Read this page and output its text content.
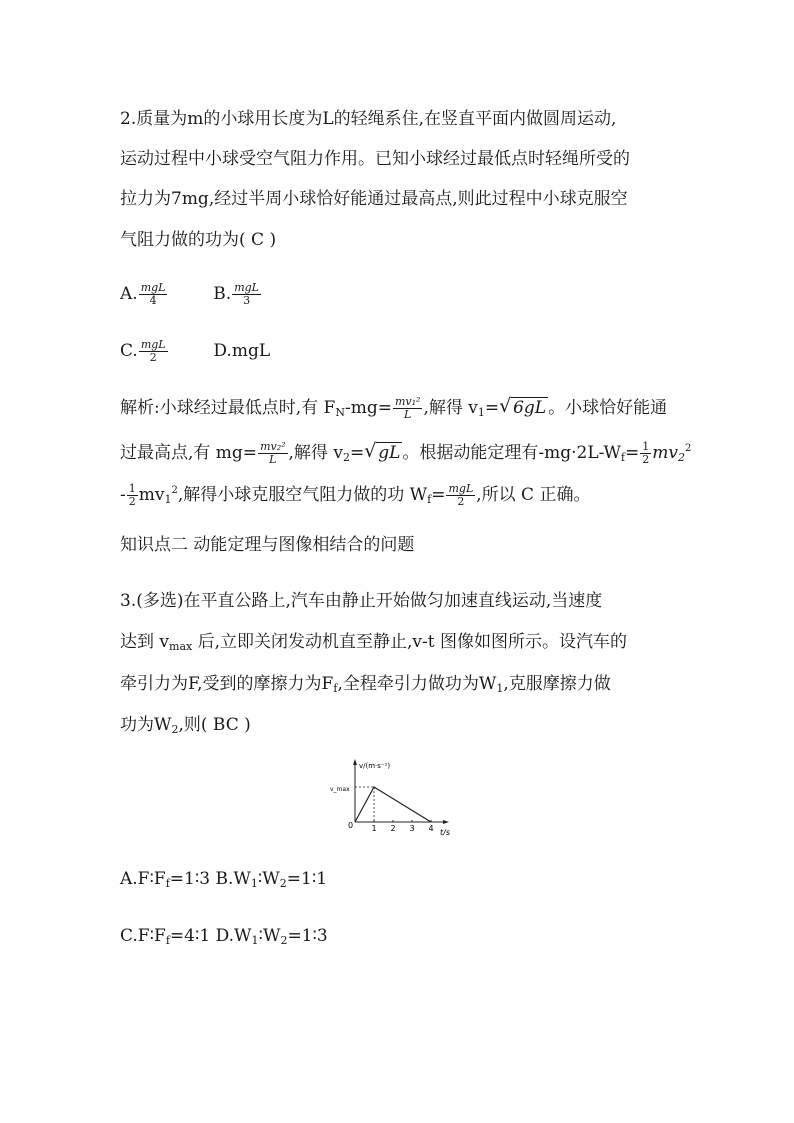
2.质量为m的小球用长度为L的轻绳系住,在竖直平面内做圆周运动,
运动过程中小球受空气阻力作用。已知小球经过最低点时轻绳所受的
拉力为7mg,经过半周小球恰好能通过最高点,则此过程中小球克服空
气阻力做的功为( C )
A. $\frac{\text{mgL}}{4}$	B. $\frac{\text{mgL}}{3}$
C. $\frac{\text{mgL}}{2}$	D.mgL
解析:小球经过最低点时,有 $F_N-mg= \frac{\text{mv₁²}}{L}$ ,解得 $v_1=$ √ 6gL 。小球恰好能通
过最高点,有 $mg= \frac{\text{mv₂²}}{L}$ ,解得 $v_2=$ √ gL 。根据动能定理有$-mg\cdot 2L-W_f= \frac{1}{2} mv_2^2$
- $\frac{1}{2} mv_1^2$,解得小球克服空气阻力做的功 $W_f= \frac{\text{mgL}}{2}$ ,所以 C 正确。
知识点二 动能定理与图像相结合的问题
3.(多选)在平直公路上,汽车由静止开始做匀加速直线运动,当速度
达到 $v_{max}$ 后,立即关闭发动机直至静止,v-t 图像如图所示。设汽车的
牵引力为F,受到的摩擦力为$F_f$,全程牵引力做功为$W_1$,克服摩擦力做
功为$W_2$,则( BC )
v/(m·s⁻¹)
t/s
v_max
0 1 2 3 4
$A.F∶F_f=1∶3$ $B.W_1∶W_2=1∶1$
$C.F∶F_f=4∶1$ $D.W_1∶W_2=1∶3$
